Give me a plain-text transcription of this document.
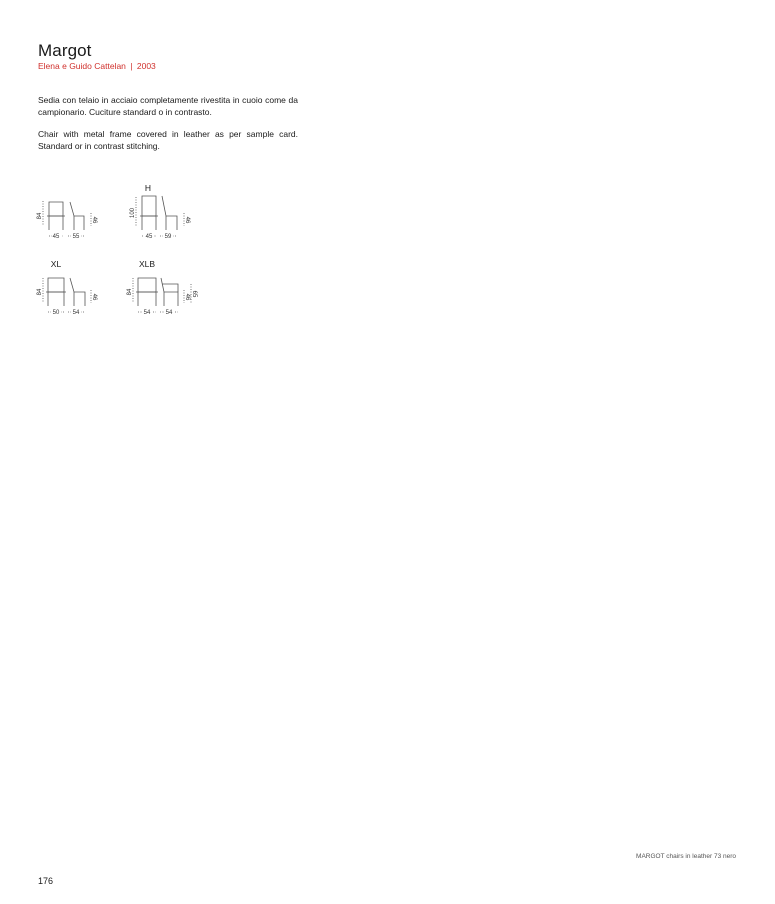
Margot
Elena e Guido Cattelan | 2003

Sedia con telaio in acciaio completamente rivestita in cuoio come da campionario. Cuciture standard o in contrasto.

Chair with metal frame covered in leather as per sample card. Standard or in contrast stitching.

H
XL	XLB
84
46
45 55
100
46
45 59
84
46
50 54
84
46 65
54	54
MARGOT chairs in leather 73 nero
176
